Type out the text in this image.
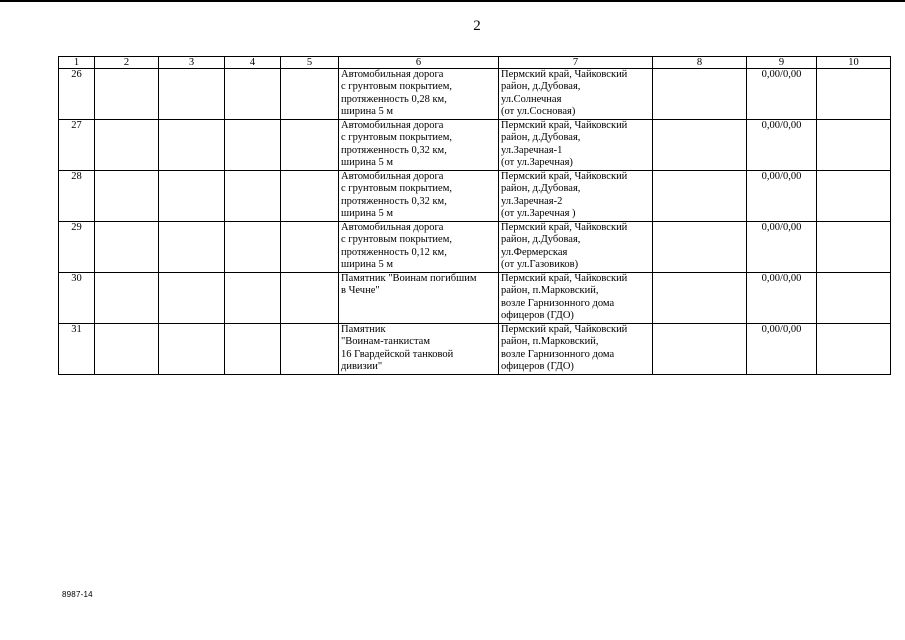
2
1	2	3	4	5	6	7	8	9	10
26					Автомобильная дорога
с грунтовым покрытием,
протяженность 0,28 км,
ширина 5 м	Пермский край, Чайковский
район, д.Дубовая,
ул.Солнечная
(от ул.Сосновая)		0,00/0,00	
27					Автомобильная дорога
с грунтовым покрытием,
протяженность 0,32 км,
ширина 5 м	Пермский край, Чайковский
район, д.Дубовая,
ул.Заречная-1
(от ул.Заречная)		0,00/0,00	
28					Автомобильная дорога
с грунтовым покрытием,
протяженность 0,32 км,
ширина 5 м	Пермский край, Чайковский
район, д.Дубовая,
ул.Заречная-2
(от ул.Заречная )		0,00/0,00	
29					Автомобильная дорога
с грунтовым покрытием,
протяженность 0,12 км,
ширина 5 м	Пермский край, Чайковский
район, д.Дубовая,
ул.Фермерская
(от ул.Газовиков)		0,00/0,00	
30					Памятник "Воинам погибшим
в Чечне"	Пермский край, Чайковский
район, п.Марковский,
возле Гарнизонного дома
офицеров (ГДО)		0,00/0,00	
31					Памятник
"Воинам-танкистам
16 Гвардейской танковой
дивизии"	Пермский край, Чайковский
район, п.Марковский,
возле Гарнизонного дома
офицеров (ГДО)		0,00/0,00	
8987-14
